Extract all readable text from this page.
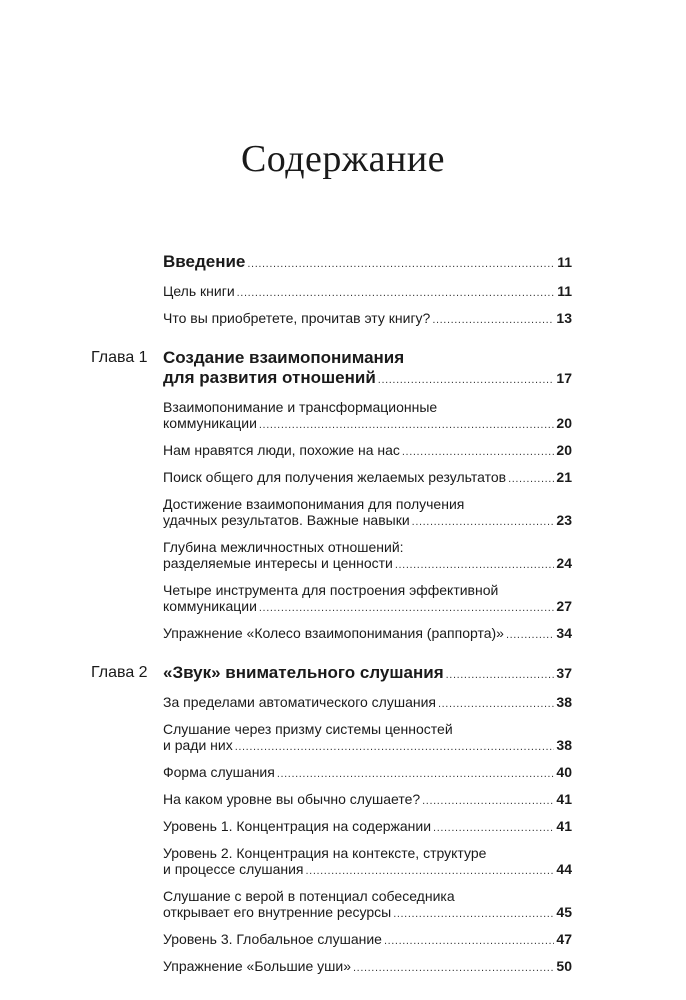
Содержание
Введение .....	11
Цель книги .....	11
Что вы приобретете, прочитав эту книгу? .....	13
Глава 1 Создание взаимопонимания
для развития отношений .....	17
Взаимопонимание и трансформационные
коммуникации .....	20
Нам нравятся люди, похожие на нас .....	20
Поиск общего для получения желаемых результатов .....	21
Достижение взаимопонимания для получения
удачных результатов. Важные навыки .....	23
Глубина межличностных отношений:
разделяемые интересы и ценности .....	24
Четыре инструмента для построения эффективной
коммуникации .....	27
Упражнение «Колесо взаимопонимания (раппорта)» .....	34
Глава 2 «Звук» внимательного слушания .....	37
За пределами автоматического слушания .....	38
Слушание через призму системы ценностей
и ради них .....	38
Форма слушания .....	40
На каком уровне вы обычно слушаете? .....	41
Уровень 1. Концентрация на содержании .....	41
Уровень 2. Концентрация на контексте, структуре
и процессе слушания .....	44
Слушание с верой в потенциал собеседника
открывает его внутренние ресурсы .....	45
Уровень 3. Глобальное слушание .....	47
Упражнение «Большие уши» .....	50
